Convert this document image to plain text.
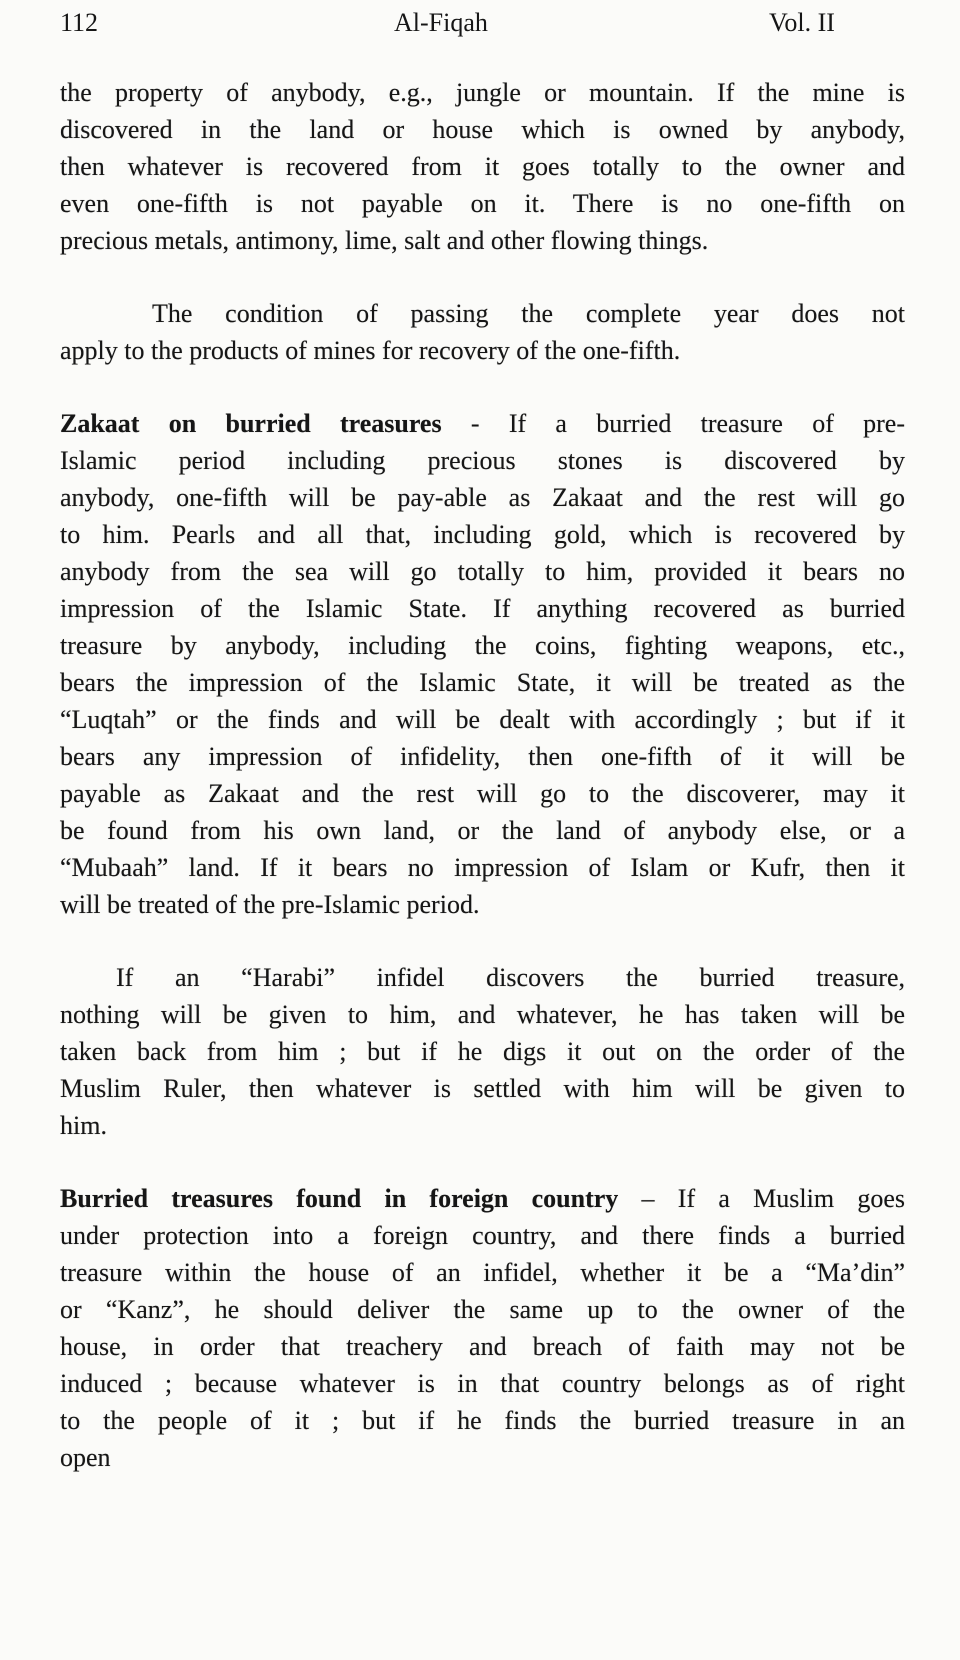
112	Al-Fiqah	Vol. II
the property of anybody, e.g., jungle or mountain. If the mine is
discovered in the land or house which is owned by anybody,
then whatever is recovered from it goes totally to the owner and
even one-fifth is not payable on it. There is no one-fifth on
precious metals, antimony, lime, salt and other flowing things.
The condition of passing the complete year does not
apply to the products of mines for recovery of the one-fifth.
Zakaat on burried treasures - If a burried treasure of pre-
Islamic period including precious stones is discovered by
anybody, one-fifth will be pay-able as Zakaat and the rest will go
to him. Pearls and all that, including gold, which is recovered by
anybody from the sea will go totally to him, provided it bears no
impression of the Islamic State. If anything recovered as burried
treasure by anybody, including the coins, fighting weapons, etc.,
bears the impression of the Islamic State, it will be treated as the
“Luqtah” or the finds and will be dealt with accordingly ; but if it
bears any impression of infidelity, then one-fifth of it will be
payable as Zakaat and the rest will go to the discoverer, may it
be found from his own land, or the land of anybody else, or a
“Mubaah” land. If it bears no impression of Islam or Kufr, then it
will be treated of the pre-Islamic period.
If an “Harabi” infidel discovers the burried treasure,
nothing will be given to him, and whatever, he has taken will be
taken back from him ; but if he digs it out on the order of the
Muslim Ruler, then whatever is settled with him will be given to
him.
Burried treasures found in foreign country – If a Muslim goes
under protection into a foreign country, and there finds a burried
treasure within the house of an infidel, whether it be a “Ma’din”
or “Kanz”, he should deliver the same up to the owner of the
house, in order that treachery and breach of faith may not be
induced ; because whatever is in that country belongs as of right
to the people of it ; but if he finds the burried treasure in an
open
